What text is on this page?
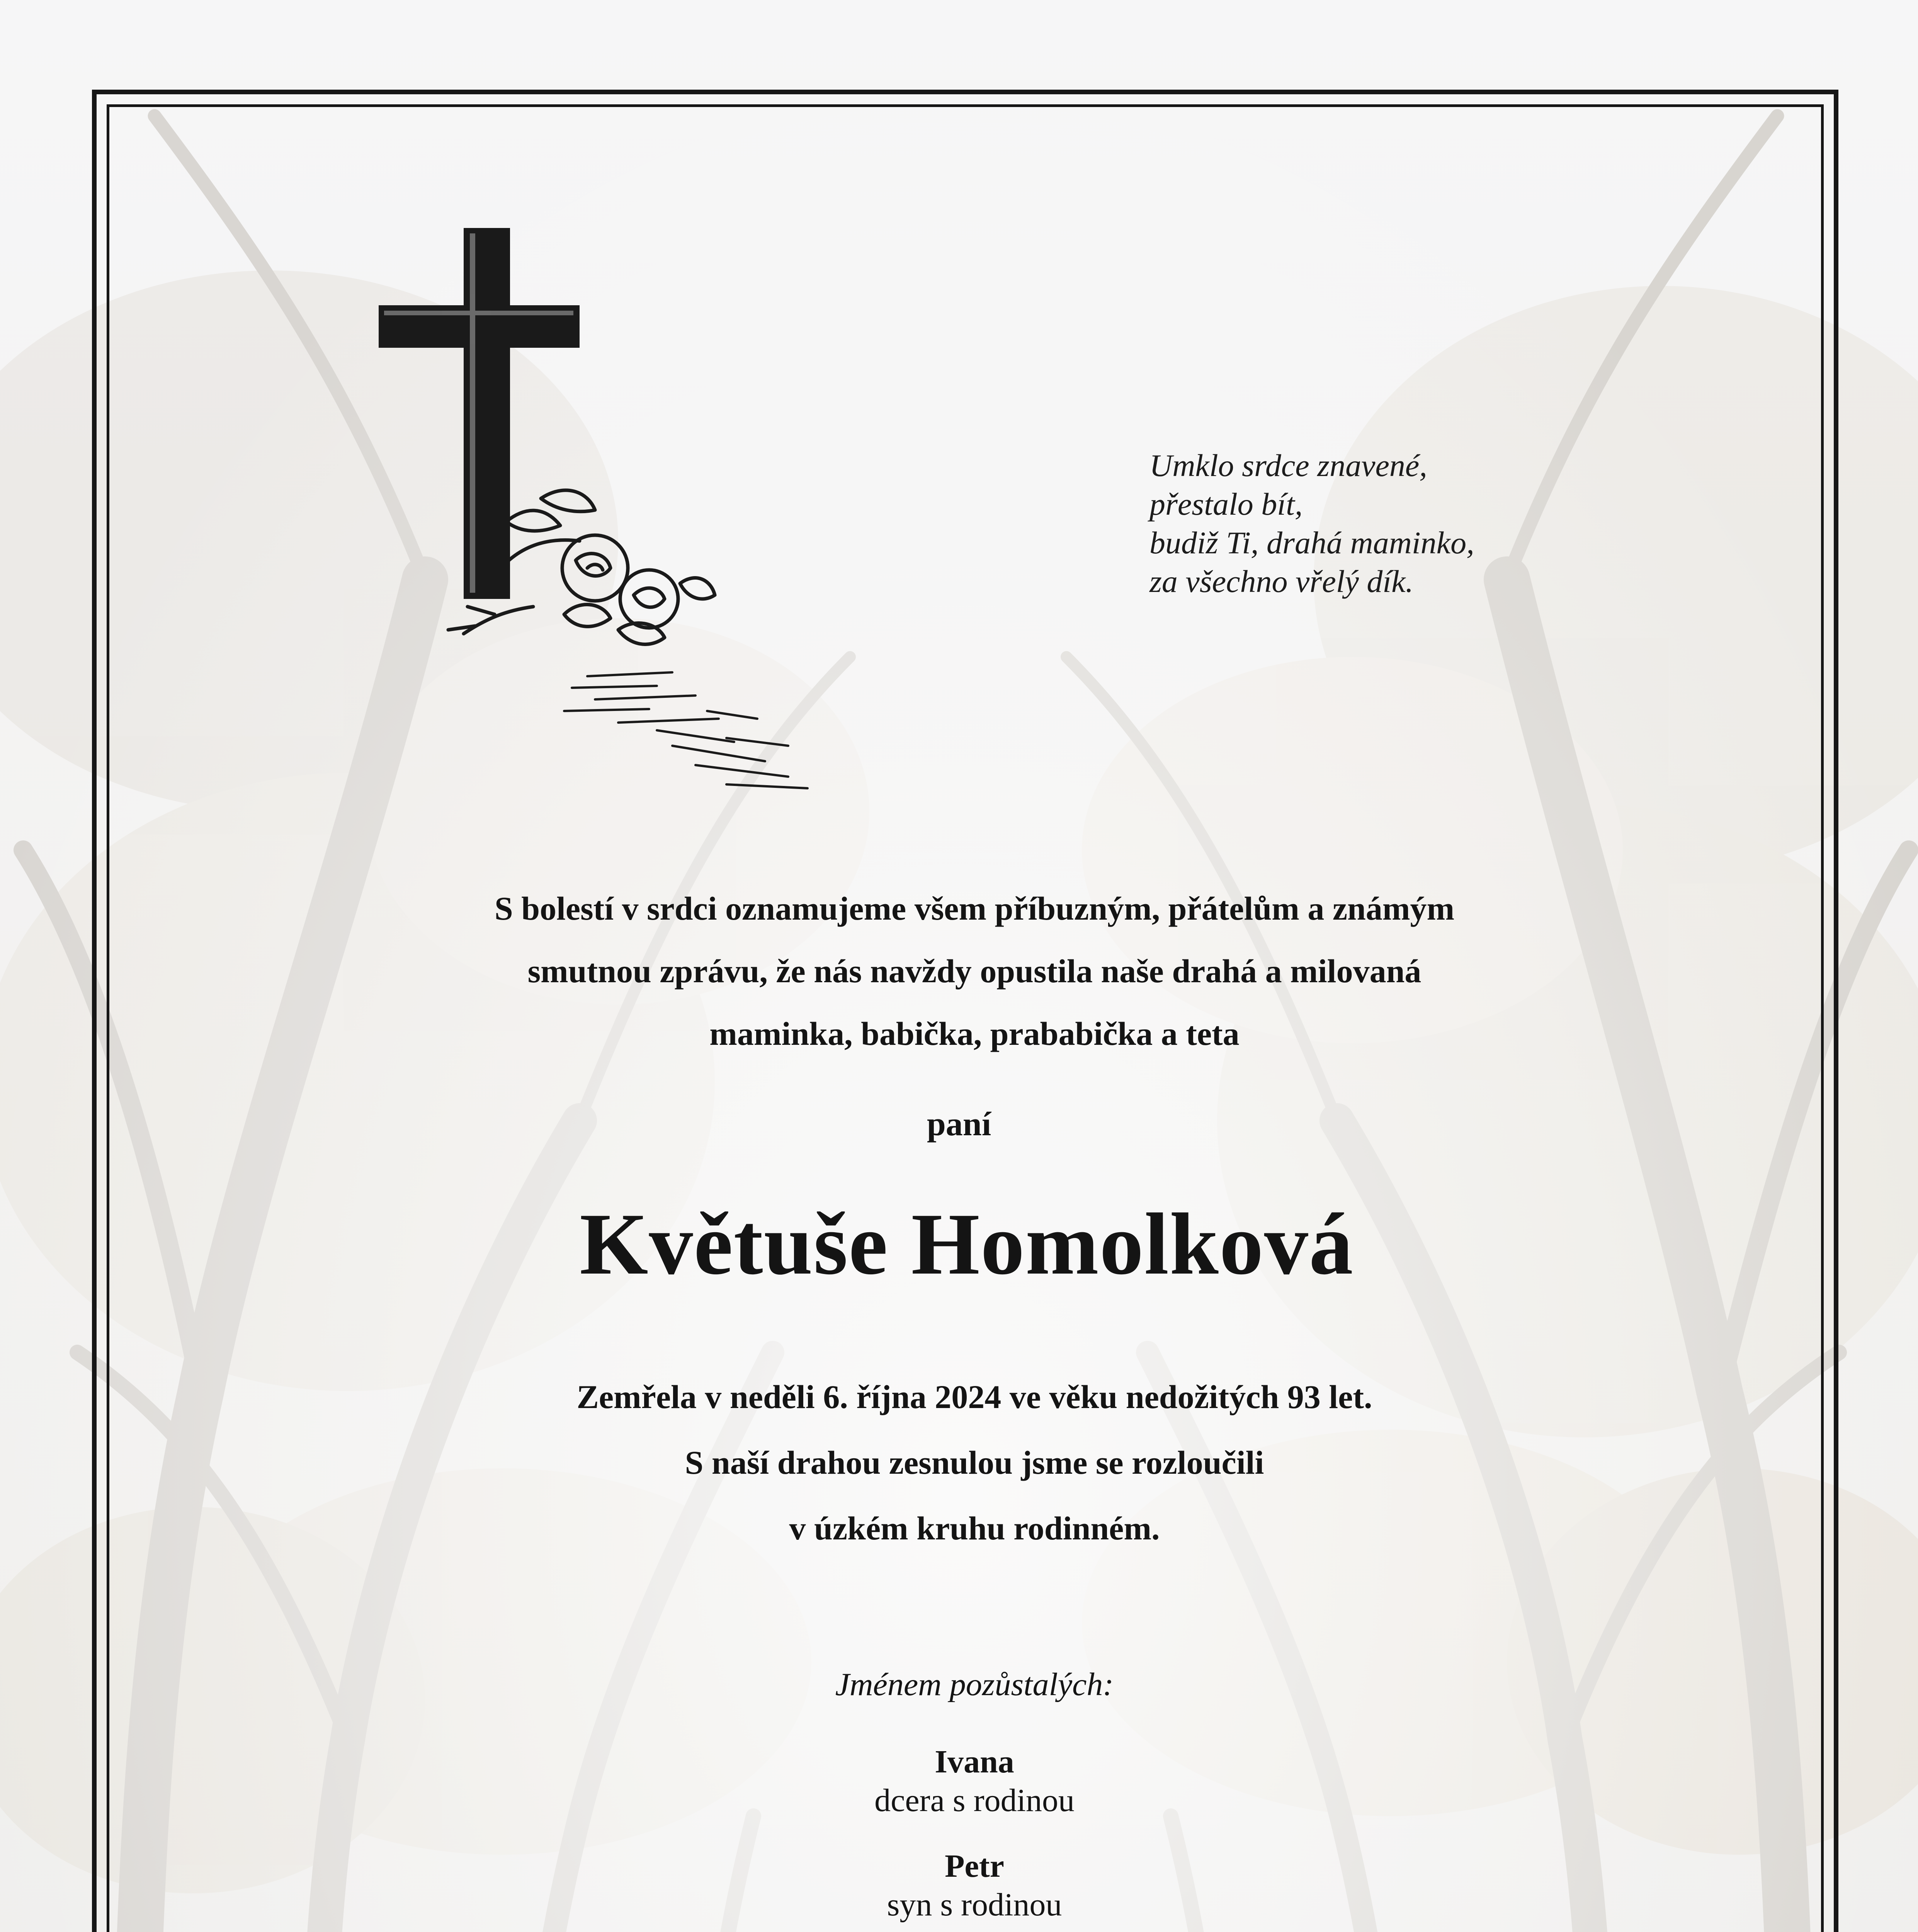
Umklo srdce znavené,
přestalo bít,
budiž Ti, drahá maminko,
za všechno vřelý dík.
S bolestí v srdci oznamujeme všem příbuzným, přátelům a známým
smutnou zprávu, že nás navždy opustila naše drahá a milovaná
maminka, babička, prababička a teta
paní
Květuše Homolková
Zemřela v neděli 6. října 2024 ve věku nedožitých 93 let.
S naší drahou zesnulou jsme se rozloučili
v úzkém kruhu rodinném.
Jménem pozůstalých:
Ivana
dcera s rodinou
Petr
syn s rodinou
